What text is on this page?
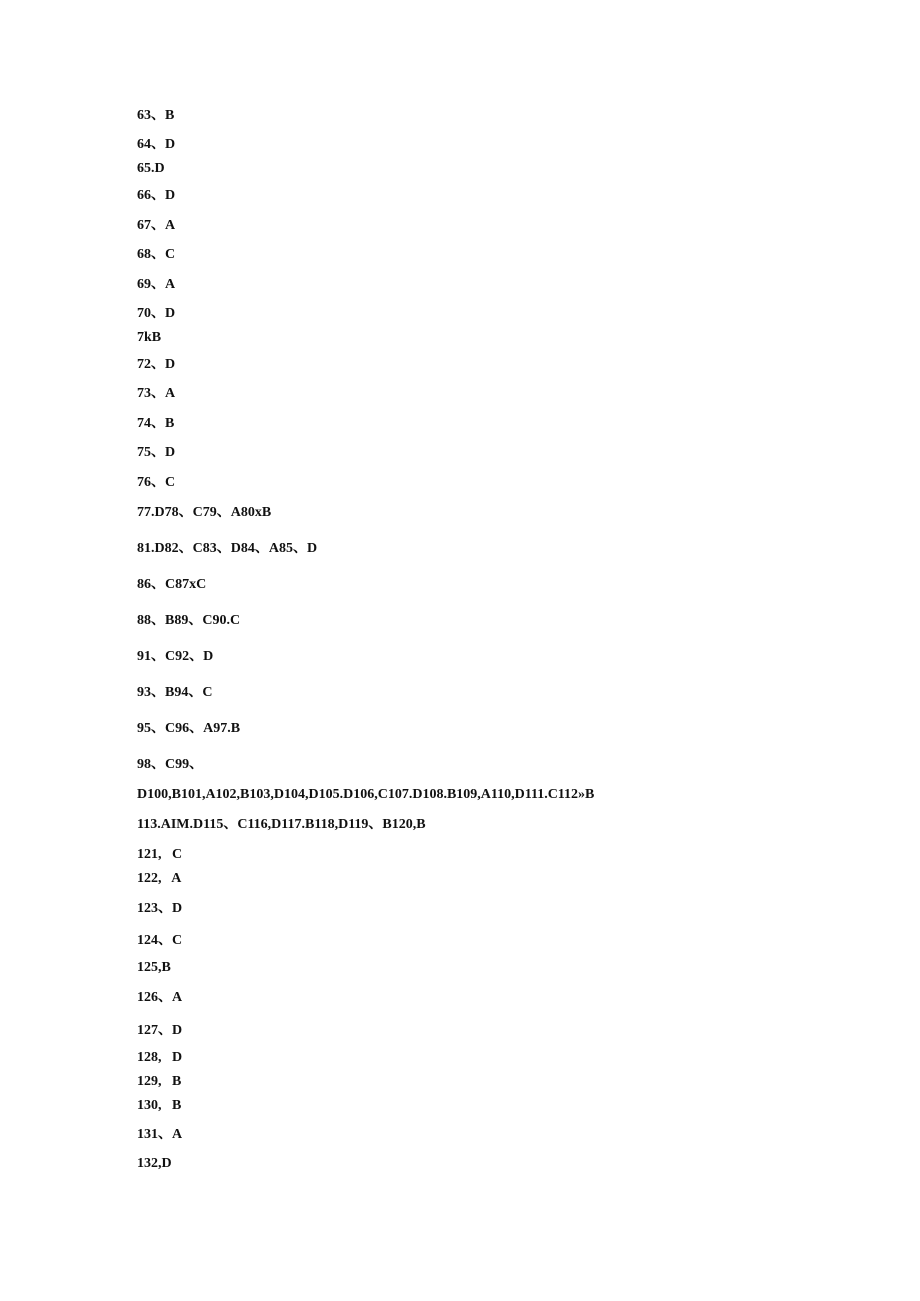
63、B
64、D
65.D
66、D
67、A
68、C
69、A
70、D
7kB
72、D
73、A
74、B
75、D
76、C
77.D78、C79、A80xB
81.D82、C83、D84、A85、D
86、C87xC
88、B89、C90.C
91、C92、D
93、B94、C
95、C96、A97.B
98、C99、
D100,B101,A102,B103,D104,D105.D106,C107.D108.B109,A110,D111.C112»B
113.AIM.D115、C116,D117.B118,D119、B120,B
121,   C
122,   A
123、D
124、C
125,B
126、A
127、D
128,   D
129,   B
130,   B
131、A
132,D
